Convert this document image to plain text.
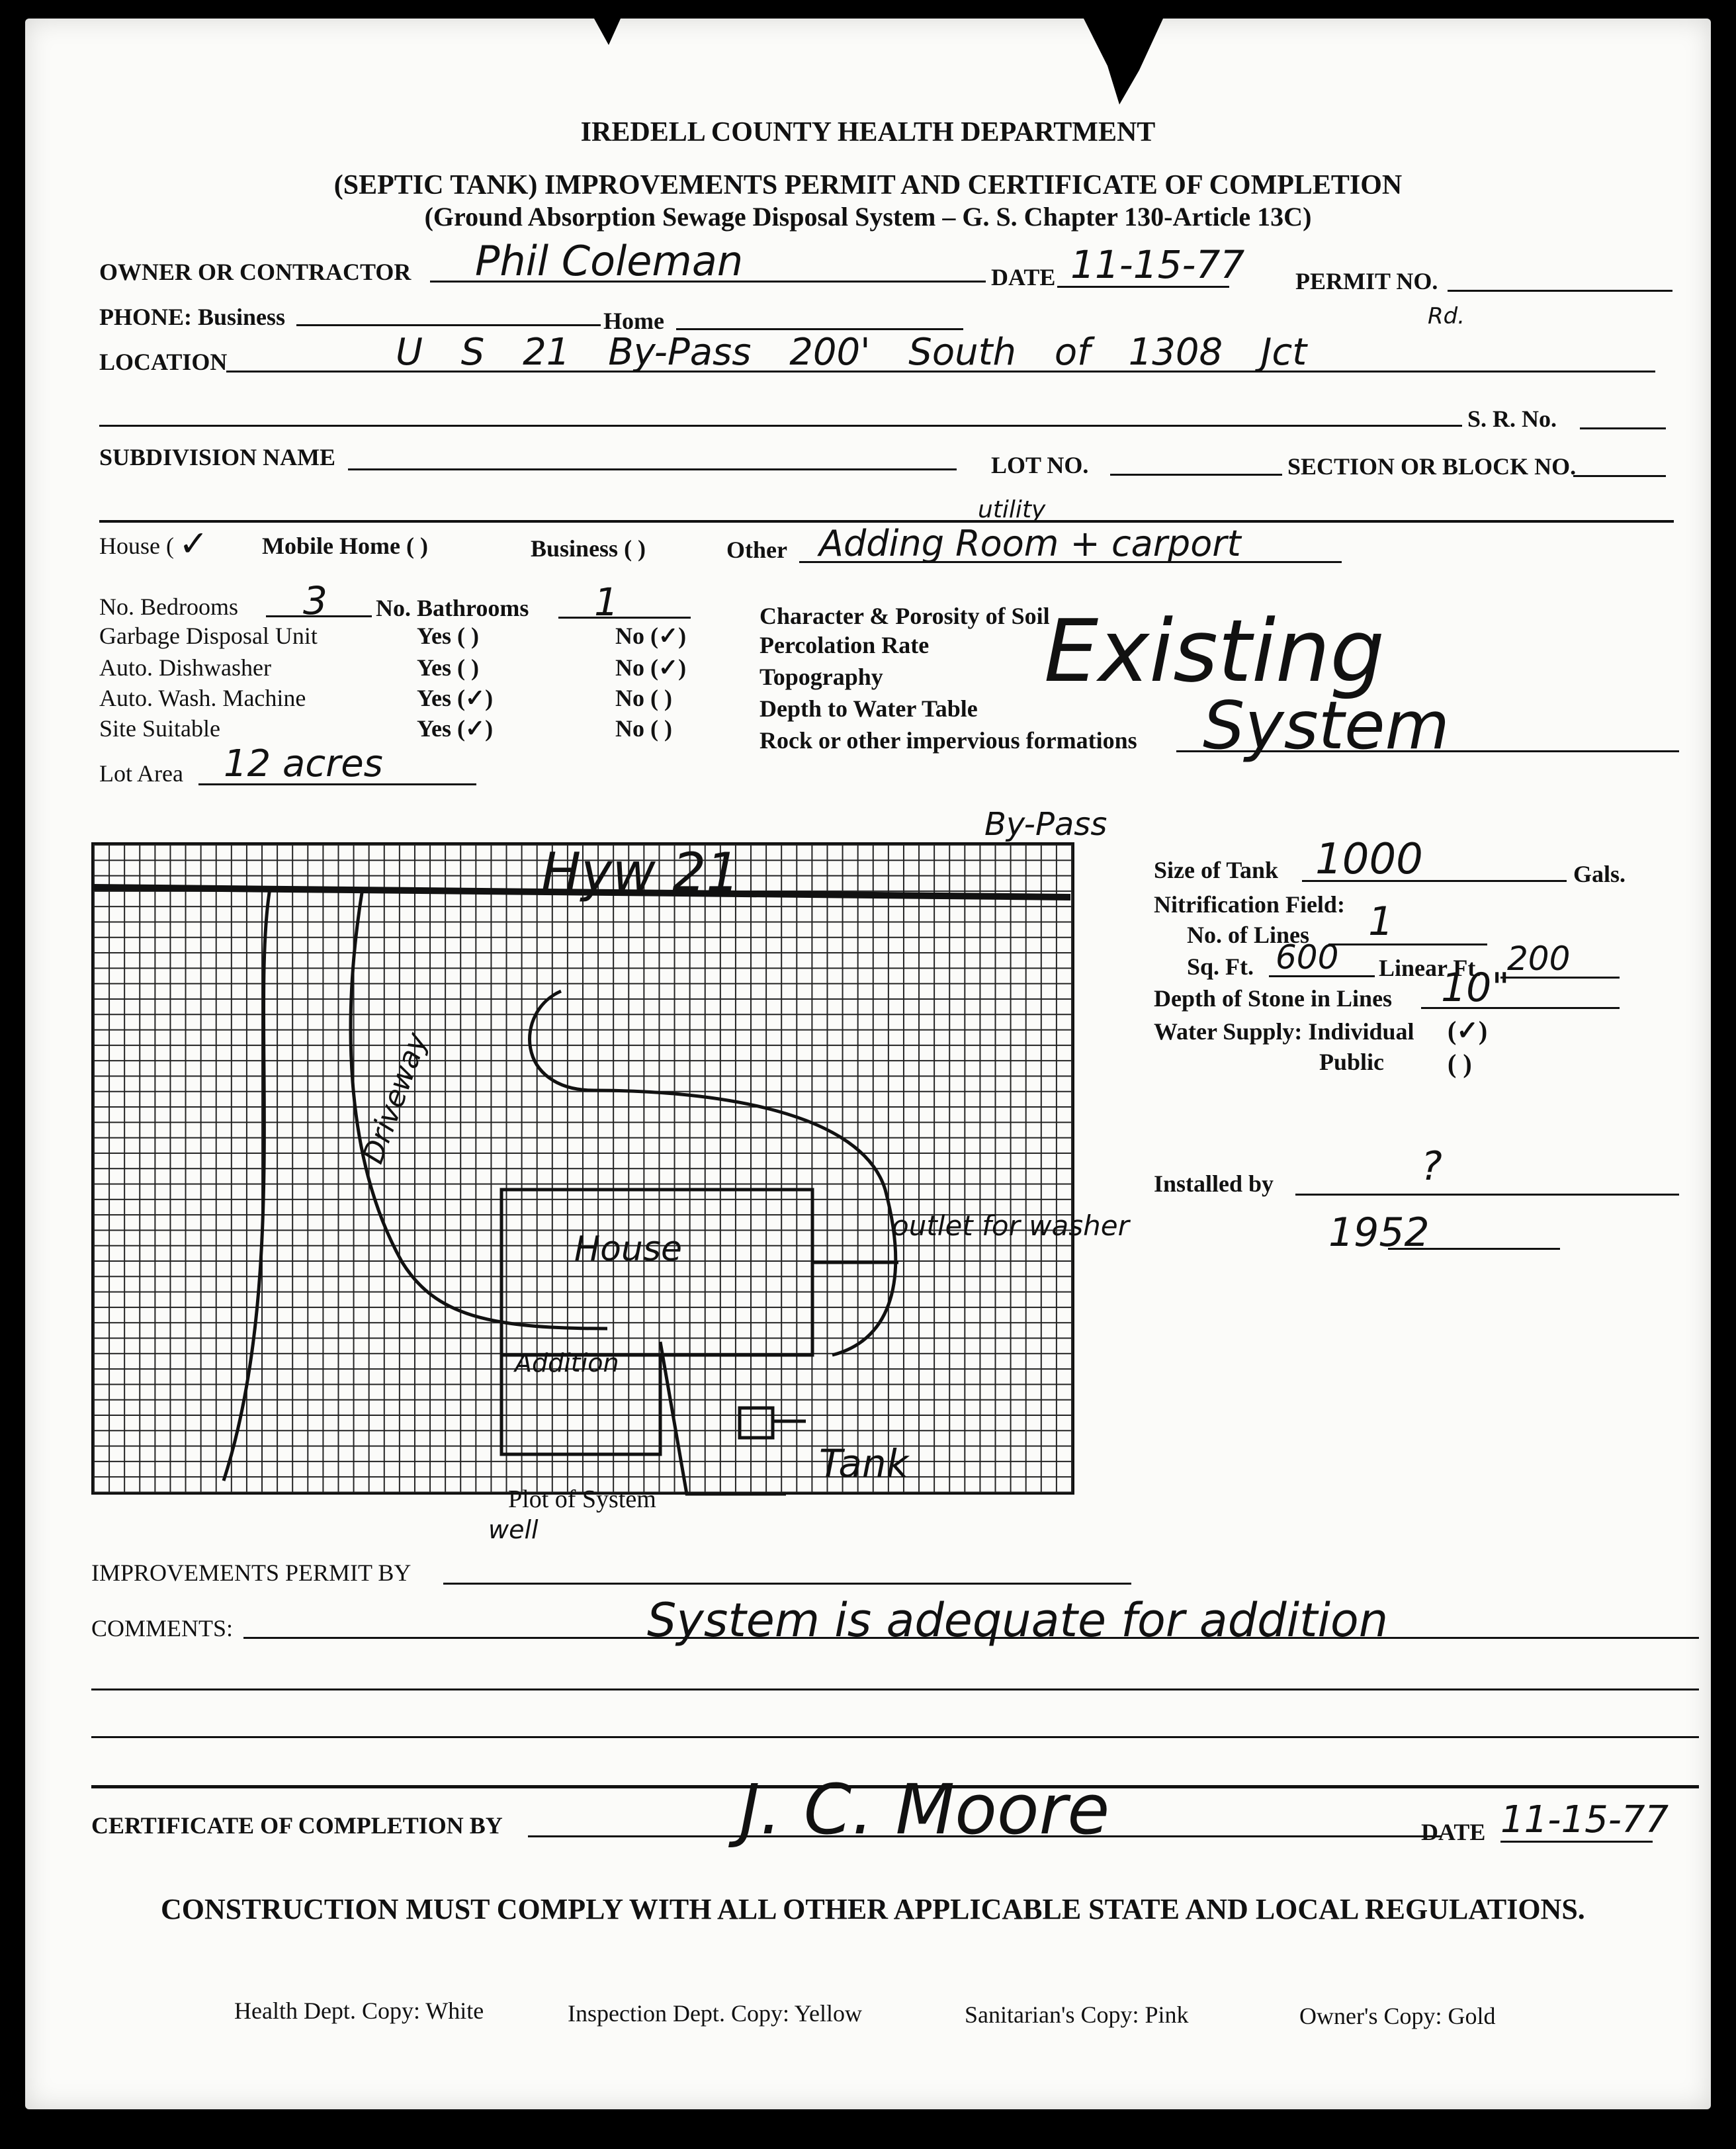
IREDELL COUNTY HEALTH DEPARTMENT
(SEPTIC TANK) IMPROVEMENTS PERMIT AND CERTIFICATE OF COMPLETION
(Ground Absorption Sewage Disposal System – G. S. Chapter 130-Article 13C)
OWNER OR CONTRACTOR Phil Coleman	DATE 11-15-77 PERMIT NO.
PHONE: Business	Home
LOCATION	U S 21 By-Pass 200' South of 1308 Jct
Rd.
S. R. No.
SUBDIVISION NAME	LOT NO.	SECTION OR BLOCK NO.
House ( ✓ Mobile Home ( )	Business ( )	Other Adding Room + carport
utility
No. Bedrooms 3 No. Bathrooms 1
Garbage Disposal Unit	Yes ( )	No (✓)
Auto. Dishwasher	Yes ( )	No (✓)
Auto. Wash. Machine	Yes (✓)	No ( )
Site Suitable	Yes (✓)	No ( )
Lot Area 12 acres
Character & Porosity of Soil
Percolation Rate
Topography
Depth to Water Table
Rock or other impervious formations
Existing
System
Hyw 21
By-Pass
House
Addition
Driveway
outlet for washer
Tank
Plot of System
well
Size of Tank 1000	Gals.
Nitrification Field:
No. of Lines 1
Sq. Ft. 600 Linear Ft. 200
Depth of Stone in Lines 10"
Water Supply: Individual (✓)
Public ( )
Installed by	?
1952
IMPROVEMENTS PERMIT BY
COMMENTS:	System is adequate for addition
CERTIFICATE OF COMPLETION BY	J. C. Moore	DATE 11-15-77
CONSTRUCTION MUST COMPLY WITH ALL OTHER APPLICABLE STATE AND LOCAL REGULATIONS.
Health Dept. Copy: White	Inspection Dept. Copy: Yellow	Sanitarian's Copy: Pink	Owner's Copy: Gold
